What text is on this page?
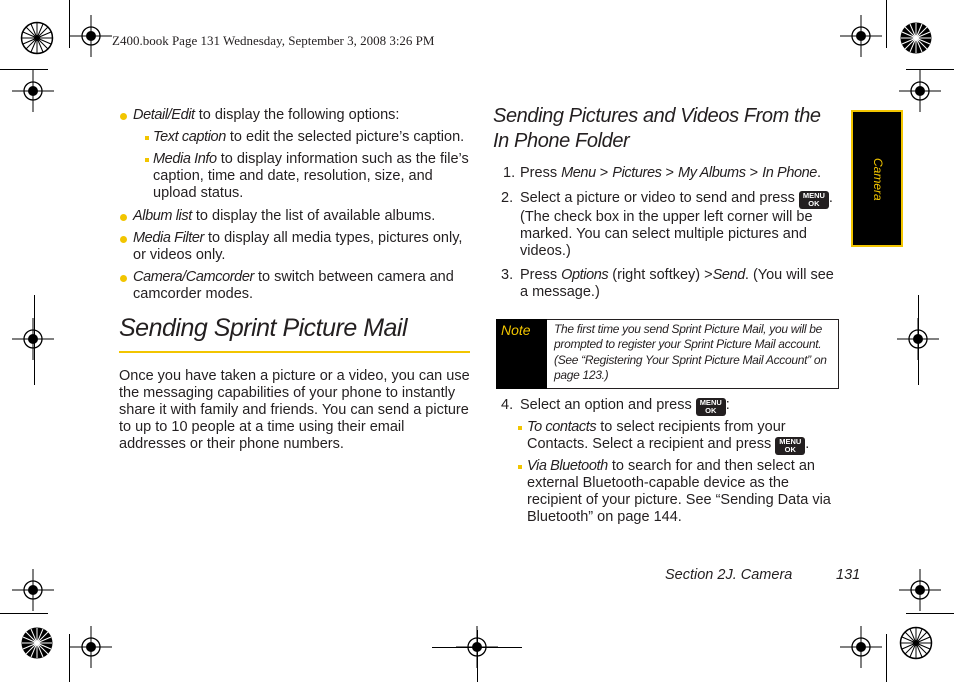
Z400.book Page 131 Wednesday, September 3, 2008 3:26 PM
Detail/Edit to display the following options:
Text caption to edit the selected picture’s caption.
Media Info to display information such as the file’s caption, time and date, resolution, size, and upload status.
Album list to display the list of available albums.
Media Filter to display all media types, pictures only, or videos only.
Camera/Camcorder to switch between camera and camcorder modes.
Sending Sprint Picture Mail
Once you have taken a picture or a video, you can use the messaging capabilities of your phone to instantly share it with family and friends. You can send a picture to up to 10 people at a time using their email addresses or their phone numbers.
Sending Pictures and Videos From the
In Phone Folder
1. Press Menu > Pictures > My Albums > In Phone.
2. Select a picture or video to send and press MENU
OK . (The check box in the upper left corner will be marked. You can select multiple pictures and videos.)
3. Press Options (right softkey) >Send. (You will see a message.)
Note The first time you send Sprint Picture Mail, you will be prompted to register your Sprint Picture Mail account. (See “Registering Your Sprint Picture Mail Account” on page 123.)
4. Select an option and press MENU
OK :
To contacts to select recipients from your Contacts. Select a recipient and press MENU
OK .
Via Bluetooth to search for and then select an external Bluetooth-capable device as the recipient of your picture. See “Sending Data via Bluetooth” on page 144.
Camera
Section 2J. Camera	131
